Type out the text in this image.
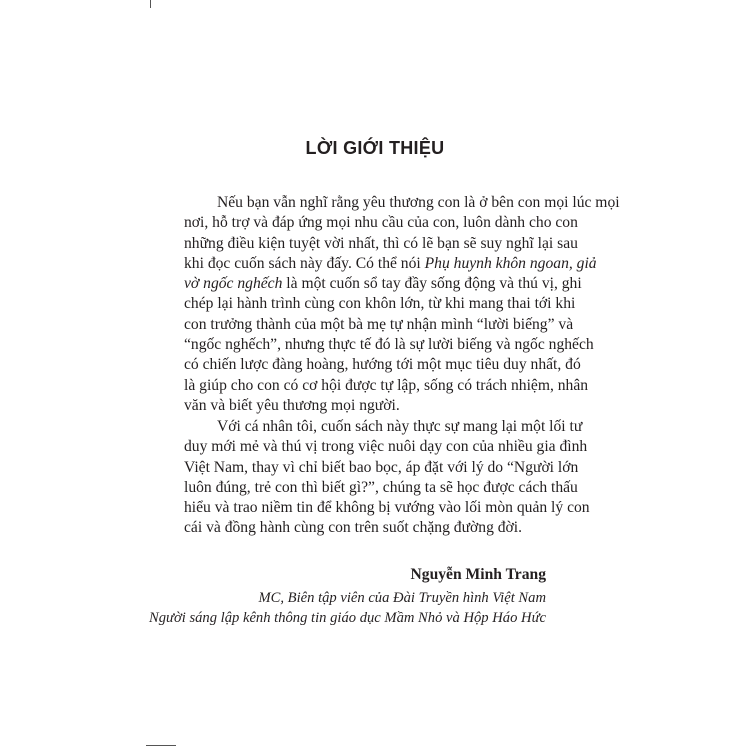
LỜI GIỚI THIỆU
Nếu bạn vẫn nghĩ rằng yêu thương con là ở bên con mọi lúc mọi
nơi, hỗ trợ và đáp ứng mọi nhu cầu của con, luôn dành cho con
những điều kiện tuyệt vời nhất, thì có lẽ bạn sẽ suy nghĩ lại sau
khi đọc cuốn sách này đấy. Có thể nói Phụ huynh khôn ngoan, giả
vờ ngốc nghếch là một cuốn sổ tay đầy sống động và thú vị, ghi
chép lại hành trình cùng con khôn lớn, từ khi mang thai tới khi
con trưởng thành của một bà mẹ tự nhận mình “lười biếng” và
“ngốc nghếch”, nhưng thực tế đó là sự lười biếng và ngốc nghếch
có chiến lược đàng hoàng, hướng tới một mục tiêu duy nhất, đó
là giúp cho con có cơ hội được tự lập, sống có trách nhiệm, nhân
văn và biết yêu thương mọi người.
Với cá nhân tôi, cuốn sách này thực sự mang lại một lối tư
duy mới mẻ và thú vị trong việc nuôi dạy con của nhiều gia đình
Việt Nam, thay vì chỉ biết bao bọc, áp đặt với lý do “Người lớn
luôn đúng, trẻ con thì biết gì?”, chúng ta sẽ học được cách thấu
hiểu và trao niềm tin để không bị vướng vào lối mòn quản lý con
cái và đồng hành cùng con trên suốt chặng đường đời.
Nguyễn Minh Trang
MC, Biên tập viên của Đài Truyền hình Việt Nam
Người sáng lập kênh thông tin giáo dục Mầm Nhỏ và Hộp Háo Hức
